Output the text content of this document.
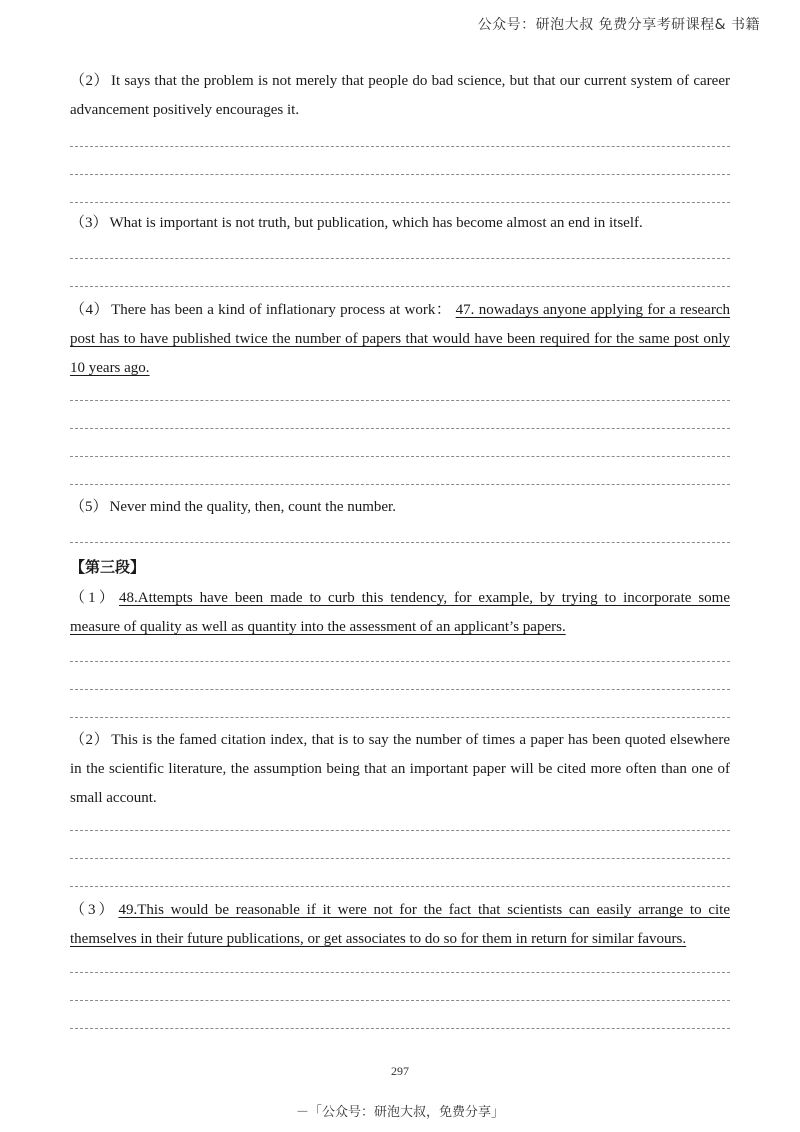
公众号：研泡大叔 免费分享考研课程& 书籍
（2） It says that the problem is not merely that people do bad science, but that our current system of career advancement positively encourages it.
（3） What is important is not truth, but publication, which has become almost an end in itself.
（4） There has been a kind of inflationary process at work： 47. nowadays anyone applying for a research post has to have published twice the number of papers that would have been required for the same post only 10 years ago.
（5） Never mind the quality, then, count the number.
【第三段】
（1） 48.Attempts have been made to curb this tendency, for example, by trying to incorporate some measure of quality as well as quantity into the assessment of an applicant’s papers.
（2） This is the famed citation index, that is to say the number of times a paper has been quoted elsewhere in the scientific literature, the assumption being that an important paper will be cited more often than one of small account.
（3） 49.This would be reasonable if it were not for the fact that scientists can easily arrange to cite themselves in their future publications, or get associates to do so for them in return for similar favours.
297
－「公众号：研泡大叔，免费分享」
